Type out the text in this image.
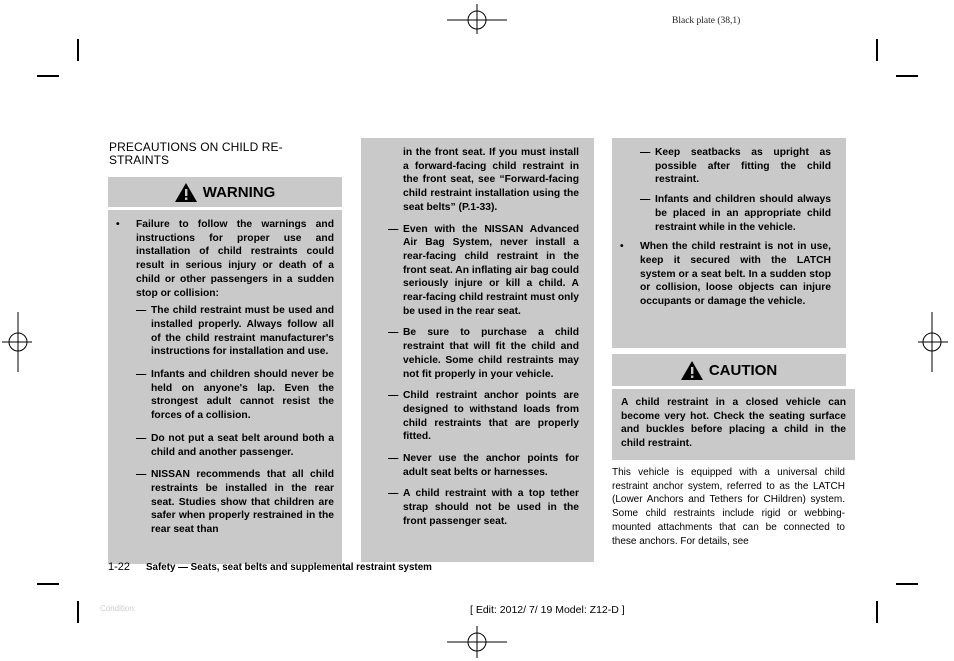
Black plate (38,1)
PRECAUTIONS ON CHILD RE-
STRAINTS
WARNING

• Failure to follow the warnings and instructions for proper use and installation of child restraints could result in serious injury or death of a child or other passengers in a sudden stop or collision:

— The child restraint must be used and installed properly. Always follow all of the child restraint manufacturer's instructions for installation and use.

— Infants and children should never be held on anyone's lap. Even the strongest adult cannot resist the forces of a collision.

— Do not put a seat belt around both a child and another passenger.

— NISSAN recommends that all child restraints be installed in the rear seat. Studies show that children are safer when properly restrained in the rear seat than

in the front seat. If you must install a forward-facing child restraint in the front seat, see “Forward-facing child restraint installation using the seat belts” (P.1-33).

— Even with the NISSAN Advanced Air Bag System, never install a rear-facing child restraint in the front seat. An inflating air bag could seriously injure or kill a child. A rear-facing child restraint must only be used in the rear seat.

— Be sure to purchase a child restraint that will fit the child and vehicle. Some child restraints may not fit properly in your vehicle.

— Child restraint anchor points are designed to withstand loads from child restraints that are properly fitted.

— Never use the anchor points for adult seat belts or harnesses.

— A child restraint with a top tether strap should not be used in the front passenger seat.

— Keep seatbacks as upright as possible after fitting the child restraint.

— Infants and children should always be placed in an appropriate child restraint while in the vehicle.

• When the child restraint is not in use, keep it secured with the LATCH system or a seat belt. In a sudden stop or collision, loose objects can injure occupants or damage the vehicle.

CAUTION

A child restraint in a closed vehicle can become very hot. Check the seating surface and buckles before placing a child in the child restraint.

This vehicle is equipped with a universal child restraint anchor system, referred to as the LATCH (Lower Anchors and Tethers for CHildren) system. Some child restraints include rigid or webbing-mounted attachments that can be connected to these anchors. For details, see

1-22 Safety — Seats, seat belts and supplemental restraint system
Condition:	[ Edit: 2012/ 7/ 19 Model: Z12-D ]
